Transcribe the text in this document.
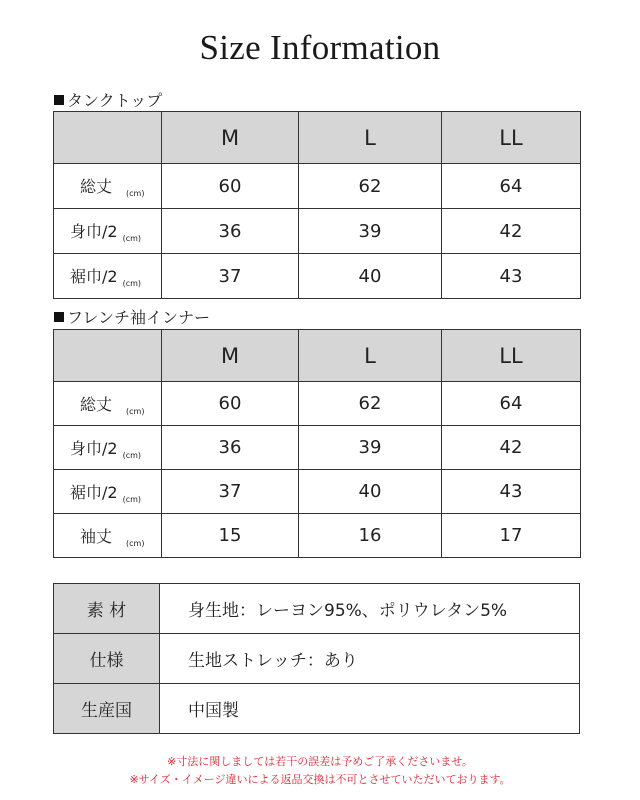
Size Information
タンクトップ
	M	L	LL
総丈 $_{(cm)}$	60	62	64
身巾/2 $_{(cm)}$	36	39	42
裾巾/2 $_{(cm)}$	37	40	43
フレンチ袖インナー
	M	L	LL
総丈 $_{(cm)}$	60	62	64
身巾/2 $_{(cm)}$	36	39	42
裾巾/2 $_{(cm)}$	37	40	43
袖丈 $_{(cm)}$	15	16	17
素 材	身生地：レーヨン95%、ポリウレタン5%
仕様	生地ストレッチ：あり
生産国	中国製
※寸法に関しましては若干の誤差は予めご了承くださいませ。
※サイズ・イメージ違いによる返品交換は不可とさせていただいております。
